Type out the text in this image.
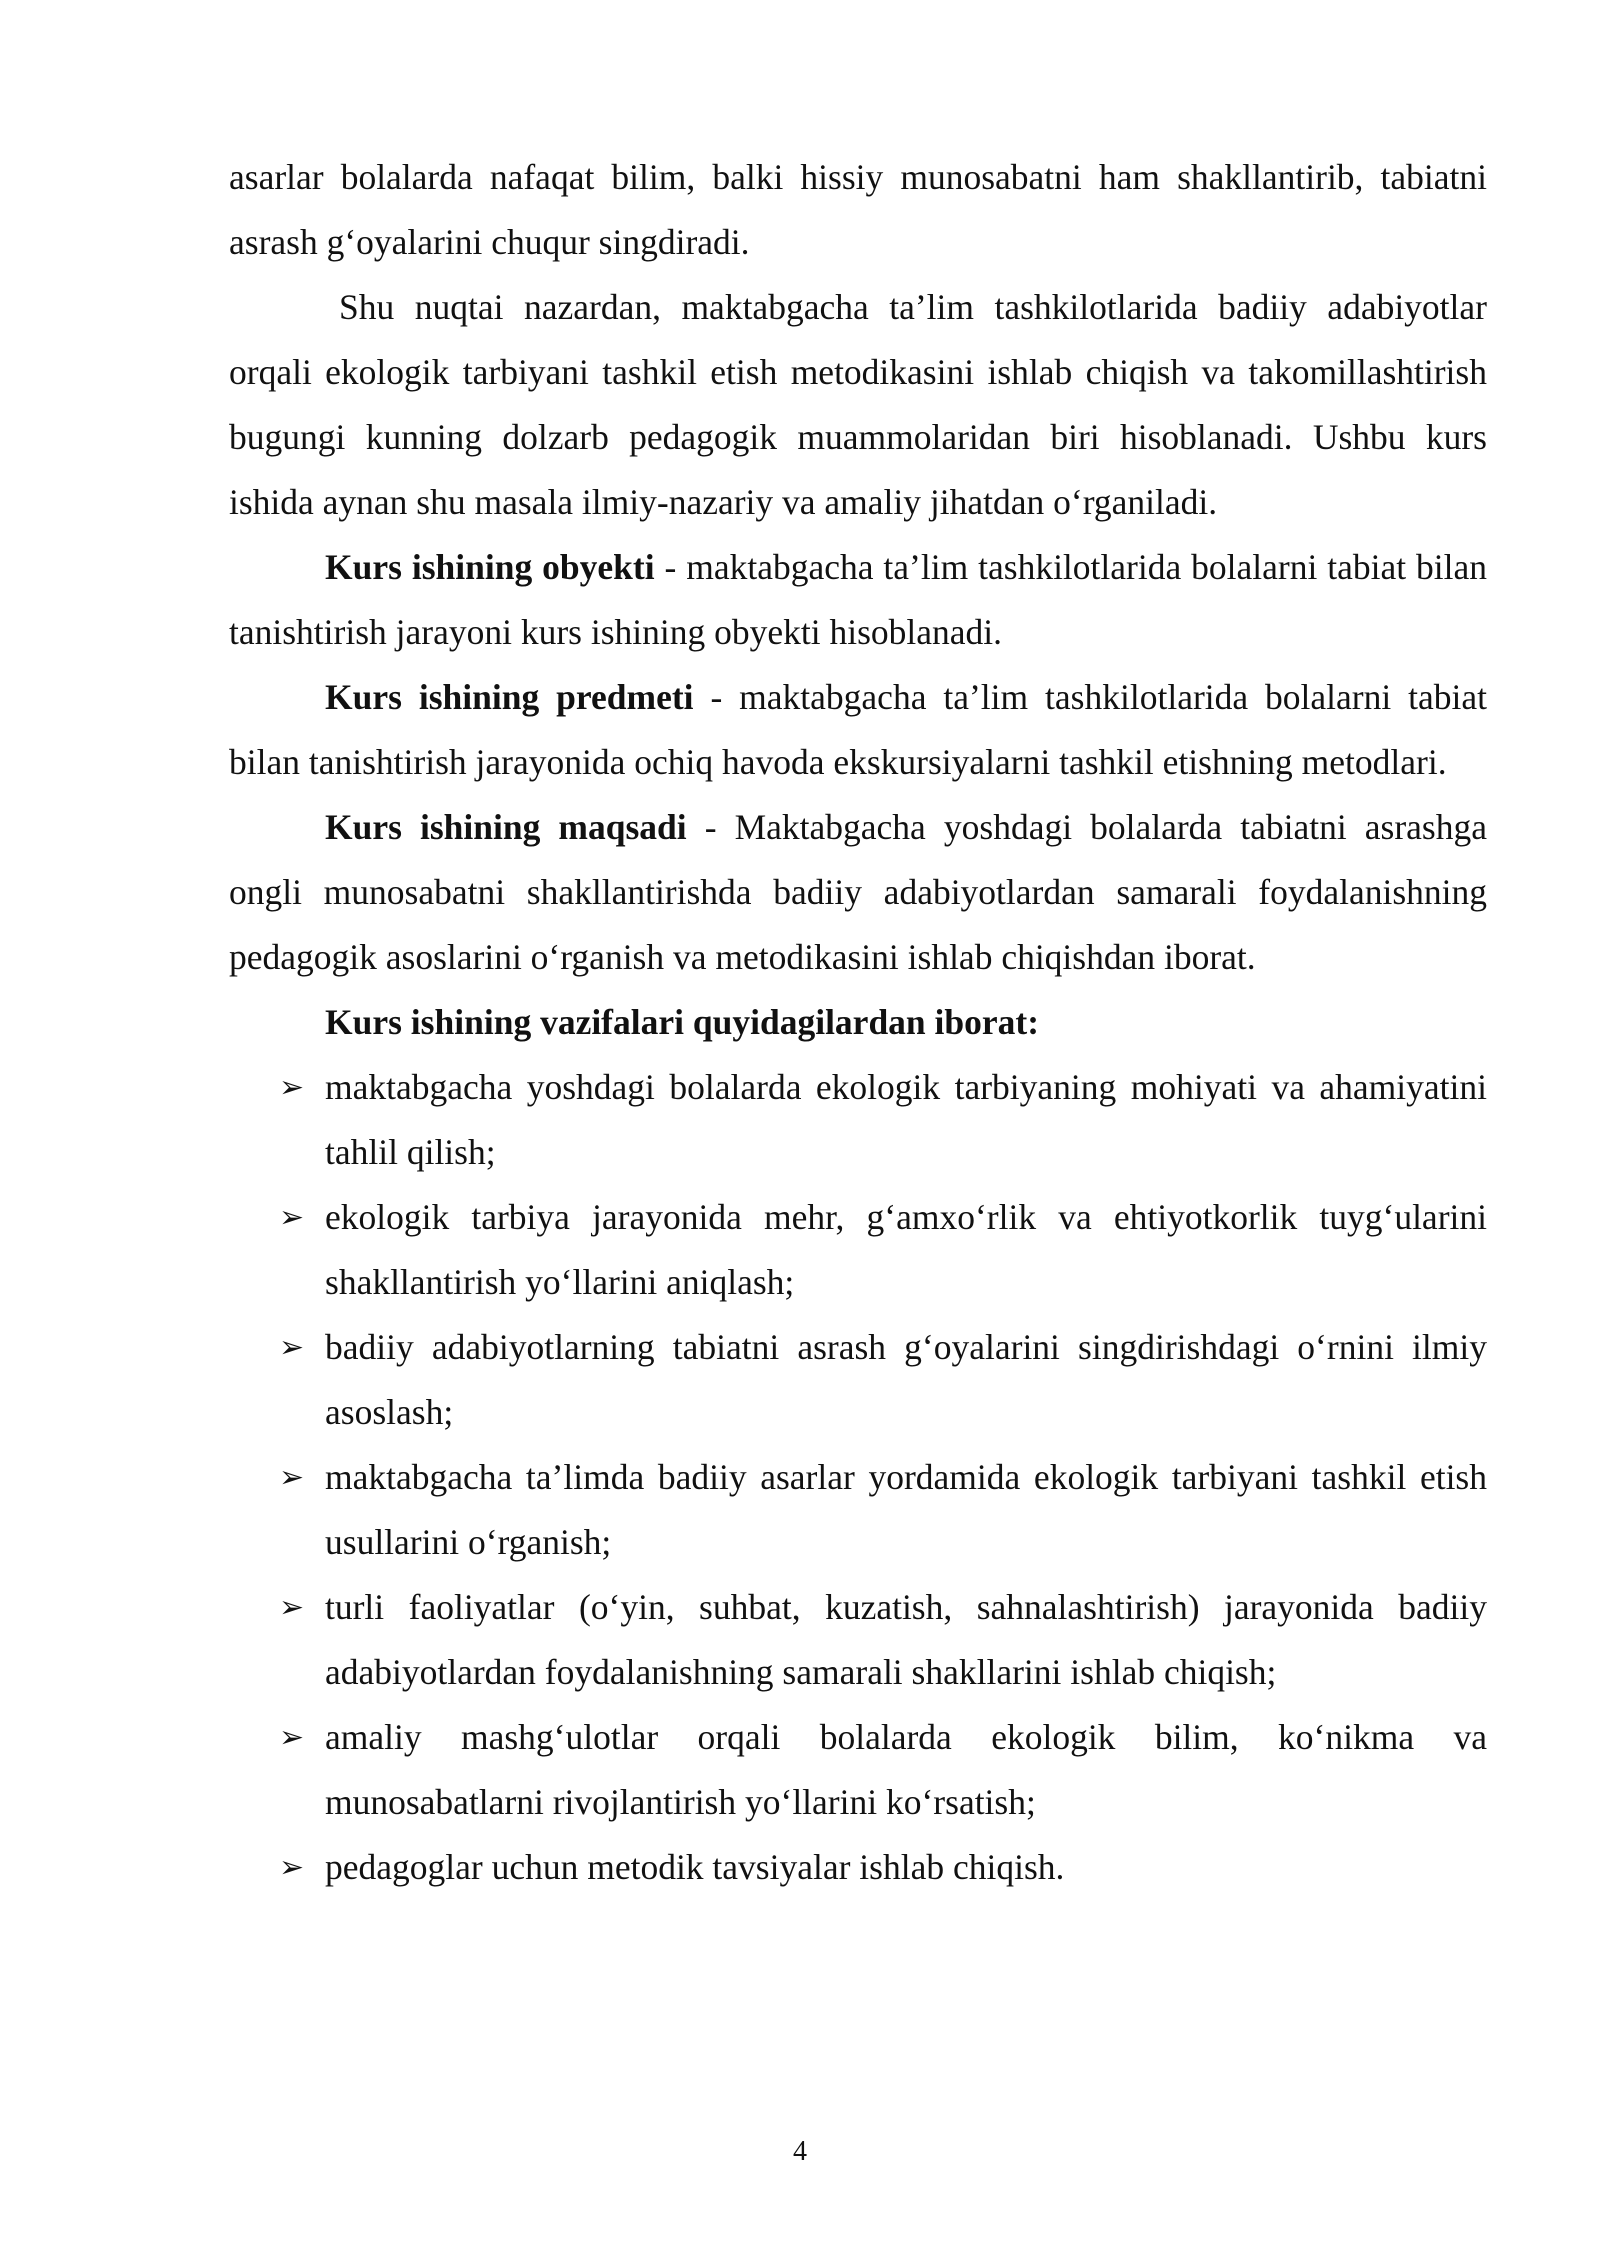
asarlar bolalarda nafaqat bilim, balki hissiy munosabatni ham shakllantirib, tabiatni asrash g‘oyalarini chuqur singdiradi.

Shu nuqtai nazardan, maktabgacha ta’lim tashkilotlarida badiiy adabiyotlar orqali ekologik tarbiyani tashkil etish metodikasini ishlab chiqish va takomillashtirish bugungi kunning dolzarb pedagogik muammolaridan biri hisoblanadi. Ushbu kurs ishida aynan shu masala ilmiy-nazariy va amaliy jihatdan o‘rganiladi.

Kurs ishining obyekti - maktabgacha ta’lim tashkilotlarida bolalarni tabiat bilan tanishtirish jarayoni kurs ishining obyekti hisoblanadi.

Kurs ishining predmeti - maktabgacha ta’lim tashkilotlarida bolalarni tabiat bilan tanishtirish jarayonida ochiq havoda ekskursiyalarni tashkil etishning metodlari.

Kurs ishining maqsadi - Maktabgacha yoshdagi bolalarda tabiatni asrashga ongli munosabatni shakllantirishda badiiy adabiyotlardan samarali foydalanishning pedagogik asoslarini o‘rganish va metodikasini ishlab chiqishdan iborat.

Kurs ishining vazifalari quyidagilardan iborat:

➢ maktabgacha yoshdagi bolalarda ekologik tarbiyaning mohiyati va ahamiyatini tahlil qilish;
➢ ekologik tarbiya jarayonida mehr, g‘amxo‘rlik va ehtiyotkorlik tuyg‘ularini shakllantirish yo‘llarini aniqlash;
➢ badiiy adabiyotlarning tabiatni asrash g‘oyalarini singdirishdagi o‘rnini ilmiy asoslash;
➢ maktabgacha ta’limda badiiy asarlar yordamida ekologik tarbiyani tashkil etish usullarini o‘rganish;
➢ turli faoliyatlar (o‘yin, suhbat, kuzatish, sahnalashtirish) jarayonida badiiy adabiyotlardan foydalanishning samarali shakllarini ishlab chiqish;
➢ amaliy mashg‘ulotlar orqali bolalarda ekologik bilim, ko‘nikma va munosabatlarni rivojlantirish yo‘llarini ko‘rsatish;
➢ pedagoglar uchun metodik tavsiyalar ishlab chiqish.
4
